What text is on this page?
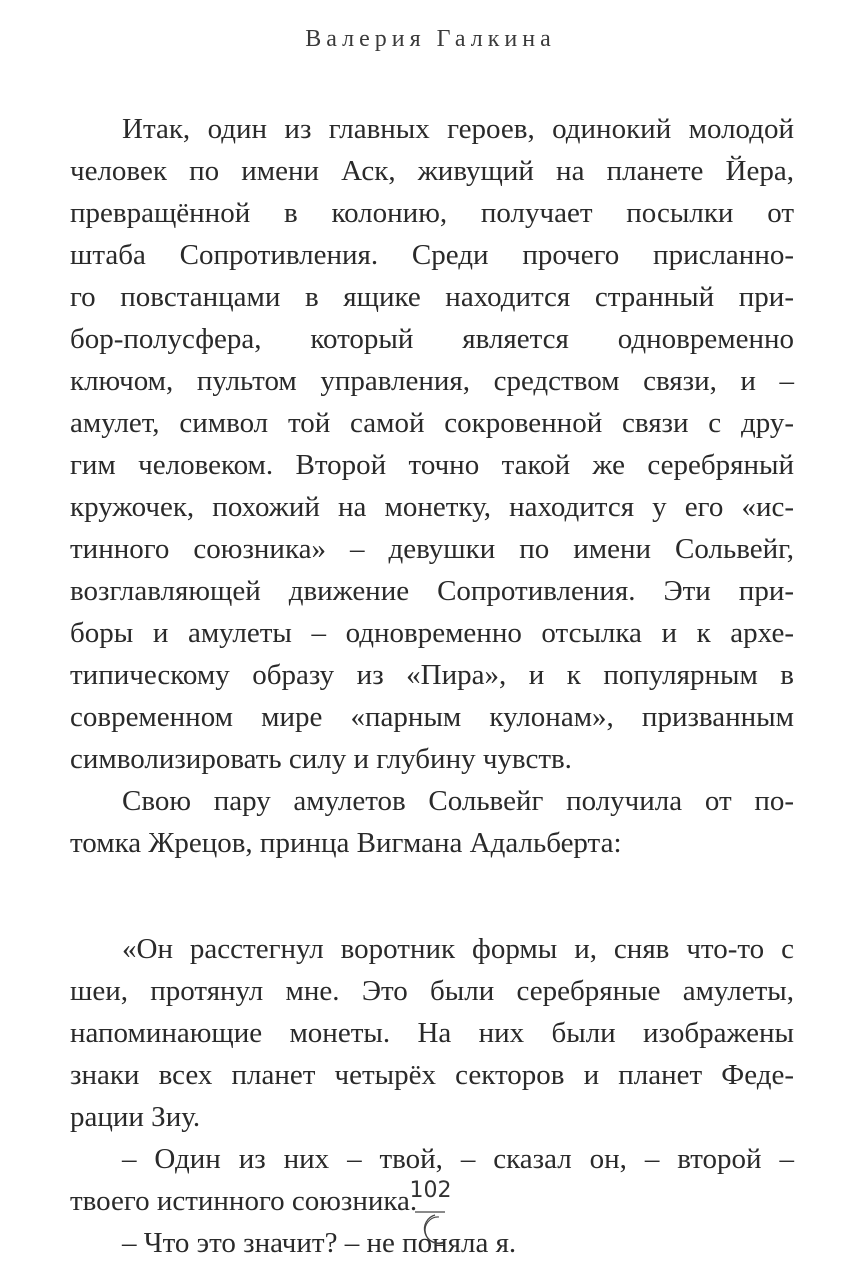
Валерия Галкина
Итак, один из главных героев, одинокий молодой
человек по имени Аск, живущий на планете Йера,
превращённой в колонию, получает посылки от
штаба Сопротивления. Среди прочего присланно-
го повстанцами в ящике находится странный при-
бор-полусфера, который является одновременно
ключом, пультом управления, средством связи, и –
амулет, символ той самой сокровенной связи с дру-
гим человеком. Второй точно такой же серебряный
кружочек, похожий на монетку, находится у его «ис-
тинного союзника» – девушки по имени Сольвейг,
возглавляющей движение Сопротивления. Эти при-
боры и амулеты – одновременно отсылка и к архе-
типическому образу из «Пира», и к популярным в
современном мире «парным кулонам», призванным
символизировать силу и глубину чувств.
Свою пару амулетов Сольвейг получила от по-
томка Жрецов, принца Вигмана Адальберта:
«Он расстегнул воротник формы и, сняв что-то с
шеи, протянул мне. Это были серебряные амулеты,
напоминающие монеты. На них были изображены
знаки всех планет четырёх секторов и планет Феде-
рации Зиу.
– Один из них – твой, – сказал он, – второй –
твоего истинного союзника.
– Что это значит? – не поняла я.
102
